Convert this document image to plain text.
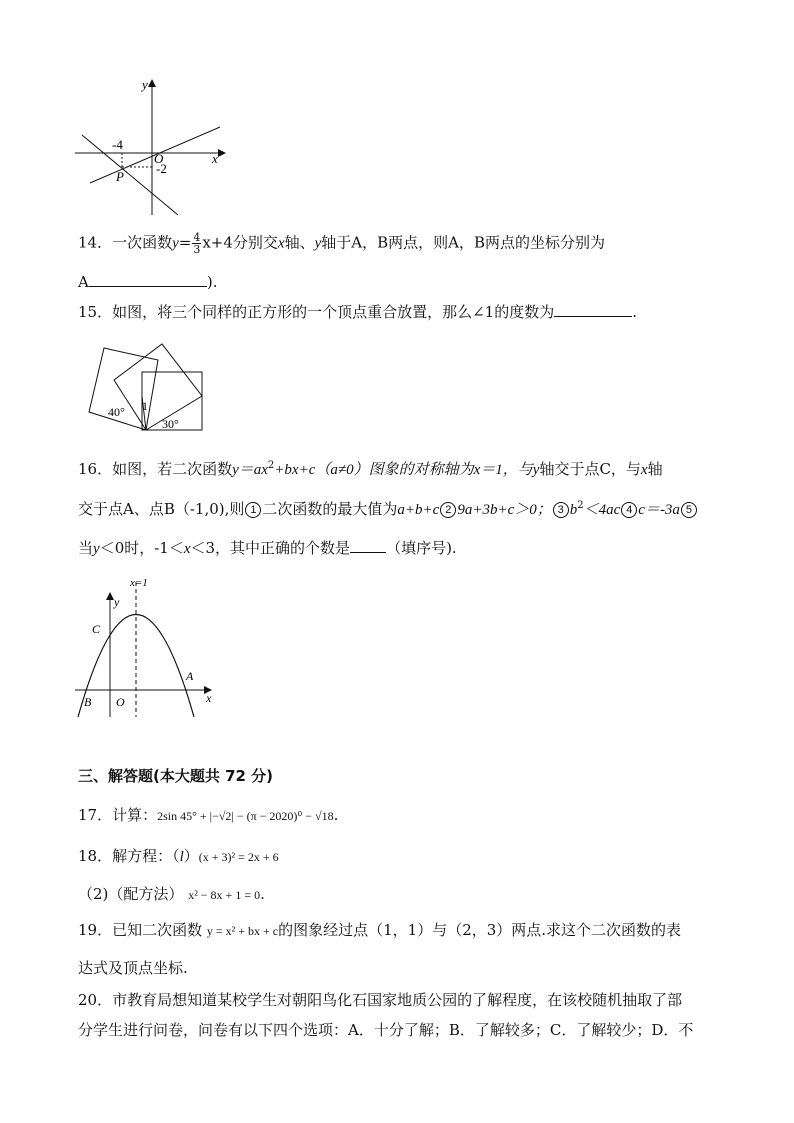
y
x
-4
O
-2
P
14．一次函数$y= \frac{4}{3} x+4$分别交x轴、y轴于A，B两点，则A，B两点的坐标分别为
A	).
15．如图，将三个同样的正方形的一个顶点重合放置，那么∠1的度数为	.
40° 1
30°
16．如图，若二次函数$y=ax^2+bx+c(a\ne 0)$图象的对称轴为x＝1，与y轴交于点C，与x轴
交于点A、点B（-1,0),则 1 二次函数的最大值为a+b+c 2 9a+3b+c＞0； 3 $b^2<4ac$ 4 c＝-3a 5
当y＜0时，-1＜x＜3，其中正确的个数是 （填序号).
x=1
y
C
A
B O	x
三、解答题(本大题共 72 分)
17．计算：2sin 45° + |−√2| − (π − 2020)⁰ − √18.
18．解方程：（l）(x + 3)² = 2x + 6
（2)（配方法） x² − 8x + 1 = 0.
19．已知二次函数 y = x² + bx + c的图象经过点（1，1）与（2，3）两点.求这个二次函数的表
达式及顶点坐标.
20．市教育局想知道某校学生对朝阳鸟化石国家地质公园的了解程度，在该校随机抽取了部
分学生进行问卷，问卷有以下四个选项：A．十分了解；B．了解较多；C．了解较少；D．不
